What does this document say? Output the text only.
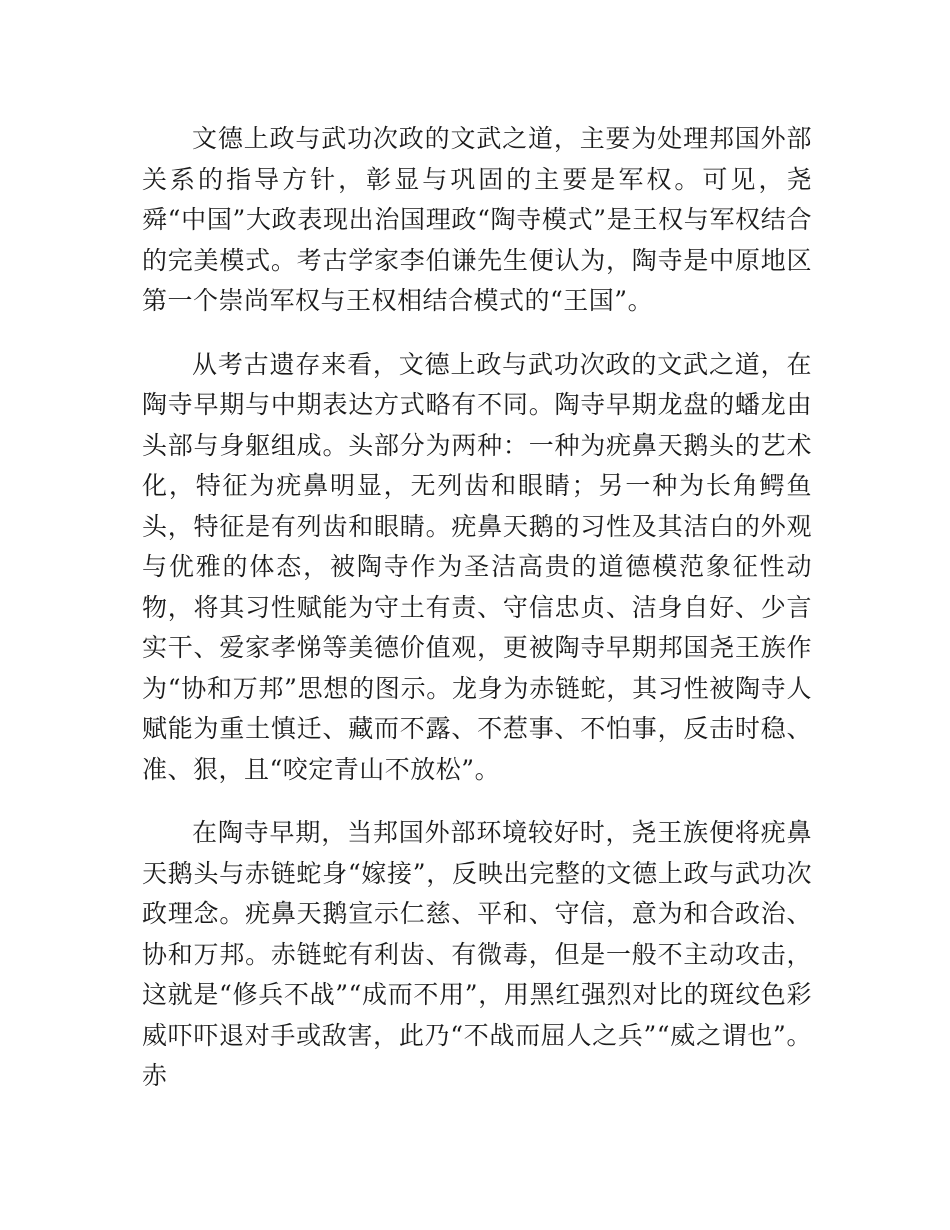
文德上政与武功次政的文武之道，主要为处理邦国外部关系的指导方针，彰显与巩固的主要是军权。可见，尧舜“中国”大政表现出治国理政“陶寺模式”是王权与军权结合的完美模式。考古学家李伯谦先生便认为，陶寺是中原地区第一个崇尚军权与王权相结合模式的“王国”。

从考古遗存来看，文德上政与武功次政的文武之道，在陶寺早期与中期表达方式略有不同。陶寺早期龙盘的蟠龙由头部与身躯组成。头部分为两种：一种为疣鼻天鹅头的艺术化，特征为疣鼻明显，无列齿和眼睛；另一种为长角鳄鱼头，特征是有列齿和眼睛。疣鼻天鹅的习性及其洁白的外观与优雅的体态，被陶寺作为圣洁高贵的道德模范象征性动物，将其习性赋能为守土有责、守信忠贞、洁身自好、少言实干、爱家孝悌等美德价值观，更被陶寺早期邦国尧王族作为“协和万邦”思想的图示。龙身为赤链蛇，其习性被陶寺人赋能为重土慎迁、藏而不露、不惹事、不怕事，反击时稳、准、狠，且“咬定青山不放松”。

在陶寺早期，当邦国外部环境较好时，尧王族便将疣鼻天鹅头与赤链蛇身“嫁接”，反映出完整的文德上政与武功次政理念。疣鼻天鹅宣示仁慈、平和、守信，意为和合政治、协和万邦。赤链蛇有利齿、有微毒，但是一般不主动攻击，这就是“修兵不战”“成而不用”，用黑红强烈对比的斑纹色彩威吓吓退对手或敌害，此乃“不战而屈人之兵”“威之谓也”。赤
